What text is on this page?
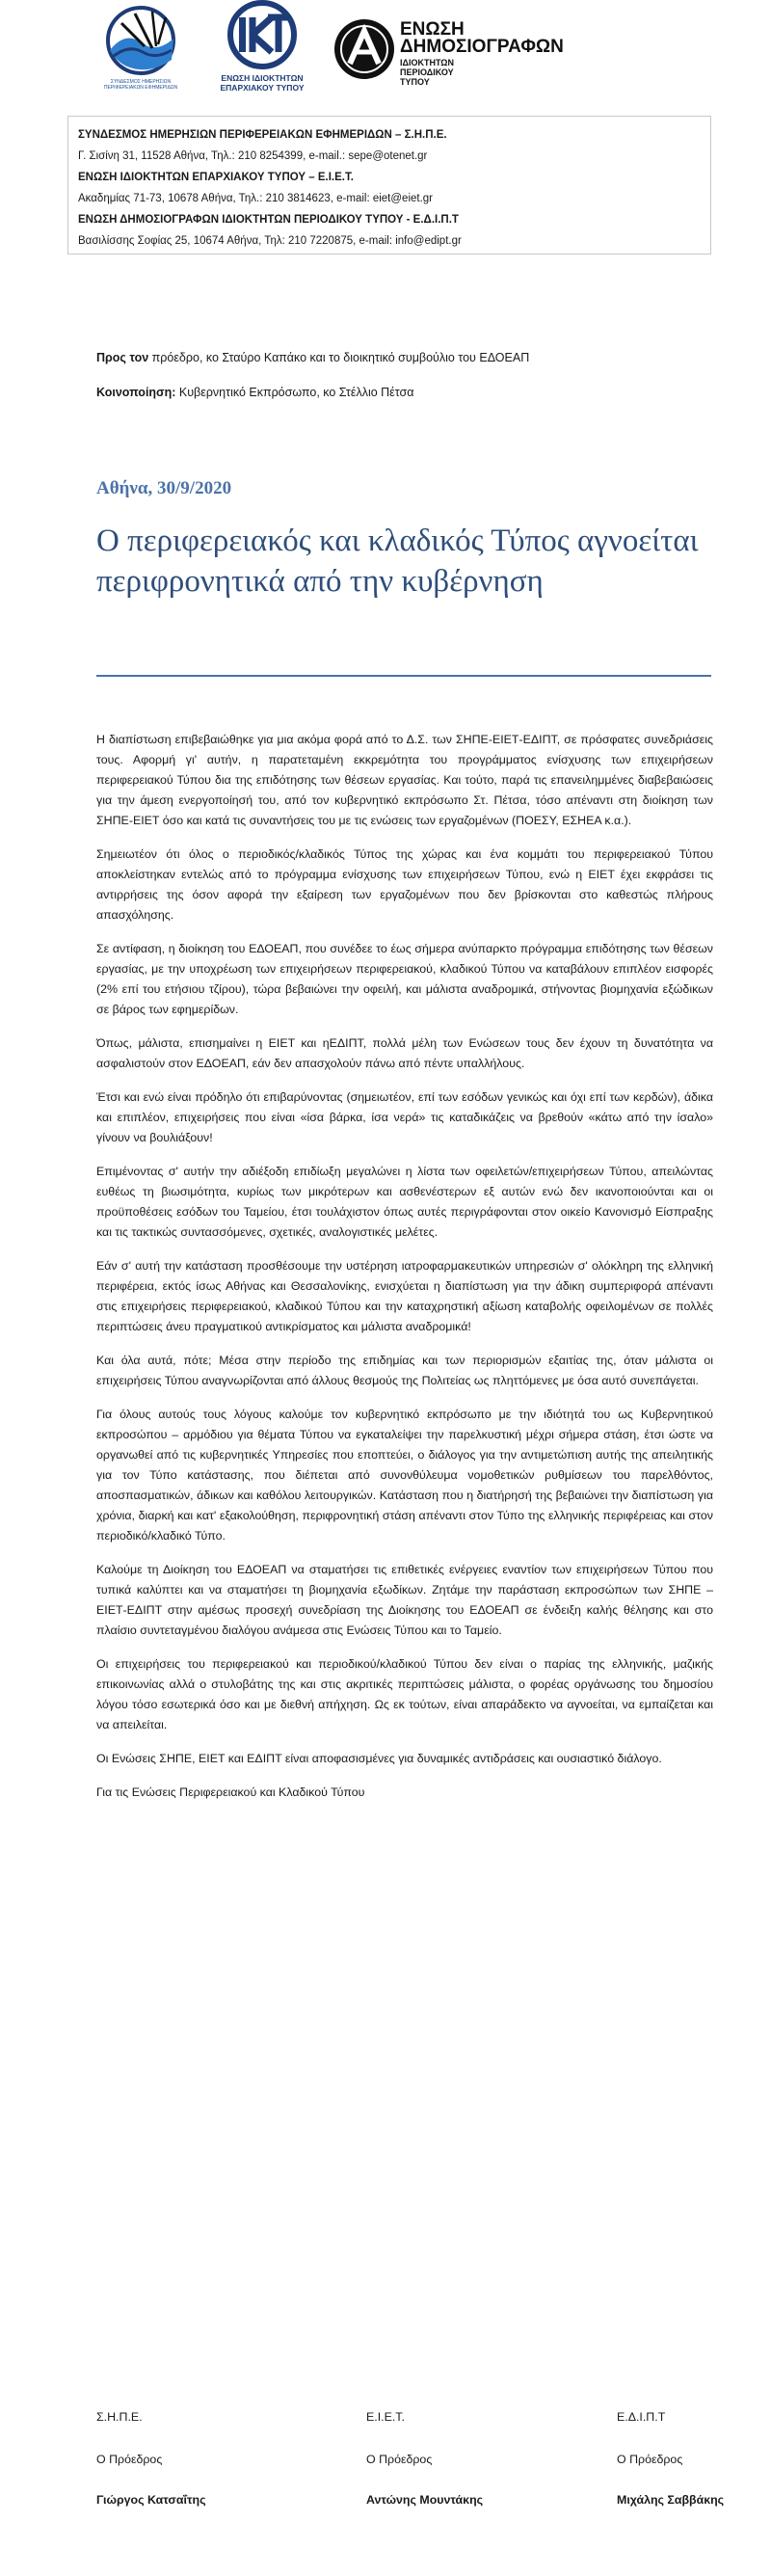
ΣΥΝΔΕΣΜΟΣ ΗΜΕΡΗΣΙΩΝ ΠΕΡΙΦΕΡΕΙΑΚΩΝ ΕΦΗΜΕΡΙΔΩΝ
ΕΝΩΣΗ ΙΔΙΟΚΤΗΤΩΝ
ΕΠΑΡΧΙΑΚΟΥ ΤΥΠΟΥ
ΕΝΩΣΗ
ΔΗΜΟΣΙΟΓΡΑΦΩΝ
ΙΔΙΟΚΤΗΤΩΝ
ΠΕΡΙΟΔΙΚΟΥ
ΤΥΠΟΥ

ΣΥΝΔΕΣΜΟΣ ΗΜΕΡΗΣΙΩΝ ΠΕΡΙΦΕΡΕΙΑΚΩΝ ΕΦΗΜΕΡΙΔΩΝ – Σ.Η.Π.Ε.

Γ. Σισίνη 31, 11528 Αθήνα, Τηλ.: 210 8254399, e-mail.: sepe@otenet.gr

ΕΝΩΣΗ ΙΔΙΟΚΤΗΤΩΝ ΕΠΑΡΧΙΑΚΟΥ ΤΥΠΟΥ – Ε.Ι.Ε.Τ.

Ακαδημίας 71-73, 10678 Αθήνα, Τηλ.: 210 3814623, e-mail: eiet@eiet.gr

ΕΝΩΣΗ ΔΗΜΟΣΙΟΓΡΑΦΩΝ ΙΔΙΟΚΤΗΤΩΝ ΠΕΡΙΟΔΙΚΟΥ ΤΥΠΟΥ - Ε.Δ.Ι.Π.Τ

Βασιλίσσης Σοφίας 25, 10674 Αθήνα, Τηλ: 210 7220875, e-mail: info@edipt.gr

Προς τον πρόεδρο, κο Σταύρο Καπάκο και το διοικητικό συμβούλιο του ΕΔΟΕΑΠ
Κοινοποίηση: Κυβερνητικό Εκπρόσωπο, κο Στέλλιο Πέτσα
Αθήνα, 30/9/2020
Ο περιφερειακός και κλαδικός Τύπος αγνοείται περιφρονητικά από την κυβέρνηση

Η διαπίστωση επιβεβαιώθηκε για μια ακόμα φορά από το Δ.Σ. των ΣΗΠΕ-ΕΙΕΤ-ΕΔΙΠΤ, σε πρόσφατες συνεδριάσεις τους. Αφορμή γι' αυτήν, η παρατεταμένη εκκρεμότητα του προγράμματος ενίσχυσης των επιχειρήσεων περιφερειακού Τύπου δια της επιδότησης των θέσεων εργασίας. Και τούτο, παρά τις επανειλημμένες διαβεβαιώσεις για την άμεση ενεργοποίησή του, από τον κυβερνητικό εκπρόσωπο Στ. Πέτσα, τόσο απέναντι στη διοίκηση των ΣΗΠΕ-ΕΙΕΤ όσο και κατά τις συναντήσεις του με τις ενώσεις των εργαζομένων (ΠΟΕΣΥ, ΕΣΗΕΑ κ.α.).

Σημειωτέον ότι όλος ο περιοδικός/κλαδικός Τύπος της χώρας και ένα κομμάτι του περιφερειακού Τύπου αποκλείστηκαν εντελώς από το πρόγραμμα ενίσχυσης των επιχειρήσεων Τύπου, ενώ η ΕΙΕΤ έχει εκφράσει τις αντιρρήσεις της όσον αφορά την εξαίρεση των εργαζομένων που δεν βρίσκονται στο καθεστώς πλήρους απασχόλησης.

Σε αντίφαση, η διοίκηση του ΕΔΟΕΑΠ, που συνέδεε το έως σήμερα ανύπαρκτο πρόγραμμα επιδότησης των θέσεων εργασίας, με την υποχρέωση των επιχειρήσεων περιφερειακού, κλαδικού Τύπου να καταβάλουν επιπλέον εισφορές (2% επί του ετήσιου τζίρου), τώρα βεβαιώνει την οφειλή, και μάλιστα αναδρομικά, στήνοντας βιομηχανία εξώδικων σε βάρος των εφημερίδων.

Όπως, μάλιστα, επισημαίνει η ΕΙΕΤ και ηΕΔΙΠΤ, πολλά μέλη των Ενώσεων τους δεν έχουν τη δυνατότητα να ασφαλιστούν στον ΕΔΟΕΑΠ, εάν δεν απασχολούν πάνω από πέντε υπαλλήλους.

Έτσι και ενώ είναι πρόδηλο ότι επιβαρύνοντας (σημειωτέον, επί των εσόδων γενικώς και όχι επί των κερδών), άδικα και επιπλέον, επιχειρήσεις που είναι «ίσα βάρκα, ίσα νερά» τις καταδικάζεις να βρεθούν «κάτω από την ίσαλο» γίνουν να βουλιάξουν!

Επιμένοντας σ' αυτήν την αδιέξοδη επιδίωξη μεγαλώνει η λίστα των οφειλετών/επιχειρήσεων Τύπου, απειλώντας ευθέως τη βιωσιμότητα, κυρίως των μικρότερων και ασθενέστερων εξ αυτών ενώ δεν ικανοποιούνται και οι προϋποθέσεις εσόδων του Ταμείου, έτσι τουλάχιστον όπως αυτές περιγράφονται στον οικείο Κανονισμό Είσπραξης και τις τακτικώς συντασσόμενες, σχετικές, αναλογιστικές μελέτες.

Εάν σ' αυτή την κατάσταση προσθέσουμε την υστέρηση ιατροφαρμακευτικών υπηρεσιών σ' ολόκληρη της ελληνική περιφέρεια, εκτός ίσως Αθήνας και Θεσσαλονίκης, ενισχύεται η διαπίστωση για την άδικη συμπεριφορά απέναντι στις επιχειρήσεις περιφερειακού, κλαδικού Τύπου και την καταχρηστική αξίωση καταβολής οφειλομένων σε πολλές περιπτώσεις άνευ πραγματικού αντικρίσματος και μάλιστα αναδρομικά!

Και όλα αυτά, πότε; Μέσα στην περίοδο της επιδημίας και των περιορισμών εξαιτίας της, όταν μάλιστα οι επιχειρήσεις Τύπου αναγνωρίζονται από άλλους θεσμούς της Πολιτείας ως πληττόμενες με όσα αυτό συνεπάγεται.

Για όλους αυτούς τους λόγους καλούμε τον κυβερνητικό εκπρόσωπο με την ιδιότητά του ως Κυβερνητικού εκπροσώπου – αρμόδιου για θέματα Τύπου να εγκαταλείψει την παρελκυστική μέχρι σήμερα στάση, έτσι ώστε να οργανωθεί από τις κυβερνητικές Υπηρεσίες που εποπτεύει, ο διάλογος για την αντιμετώπιση αυτής της απειλητικής για τον Τύπο κατάστασης, που διέπεται από συνονθύλευμα νομοθετικών ρυθμίσεων του παρελθόντος, αποσπασματικών, άδικων και καθόλου λειτουργικών. Κατάσταση που η διατήρησή της βεβαιώνει την διαπίστωση για χρόνια, διαρκή και κατ' εξακολούθηση, περιφρονητική στάση απέναντι στον Τύπο της ελληνικής περιφέρειας και στον περιοδικό/κλαδικό Τύπο.

Καλούμε τη Διοίκηση του ΕΔΟΕΑΠ να σταματήσει τις επιθετικές ενέργειες εναντίον των επιχειρήσεων Τύπου που τυπικά καλύπτει και να σταματήσει τη βιομηχανία εξωδίκων. Ζητάμε την παράσταση εκπροσώπων των ΣΗΠΕ – ΕΙΕΤ-ΕΔΙΠΤ στην αμέσως προσεχή συνεδρίαση της Διοίκησης του ΕΔΟΕΑΠ σε ένδειξη καλής θέλησης και στο πλαίσιο συντεταγμένου διαλόγου ανάμεσα στις Ενώσεις Τύπου και το Ταμείο.

Οι επιχειρήσεις του περιφερειακού και περιοδικού/κλαδικού Τύπου δεν είναι ο παρίας της ελληνικής, μαζικής επικοινωνίας αλλά ο στυλοβάτης της και στις ακριτικές περιπτώσεις μάλιστα, ο φορέας οργάνωσης του δημοσίου λόγου τόσο εσωτερικά όσο και με διεθνή απήχηση. Ως εκ τούτων, είναι απαράδεκτο να αγνοείται, να εμπαίζεται και να απειλείται.

Οι Ενώσεις ΣΗΠΕ, ΕΙΕΤ και ΕΔΙΠΤ είναι αποφασισμένες για δυναμικές αντιδράσεις και ουσιαστικό διάλογο.

Για τις Ενώσεις Περιφερειακού και Κλαδικού Τύπου

Σ.Η.Π.Ε.	Ε.Ι.Ε.Τ.	Ε.Δ.Ι.Π.Τ
Ο Πρόεδρος	Ο Πρόεδρος	Ο Πρόεδρος
Γιώργος Κατσαΐτης	Αντώνης Μουντάκης	Μιχάλης Σαββάκης
